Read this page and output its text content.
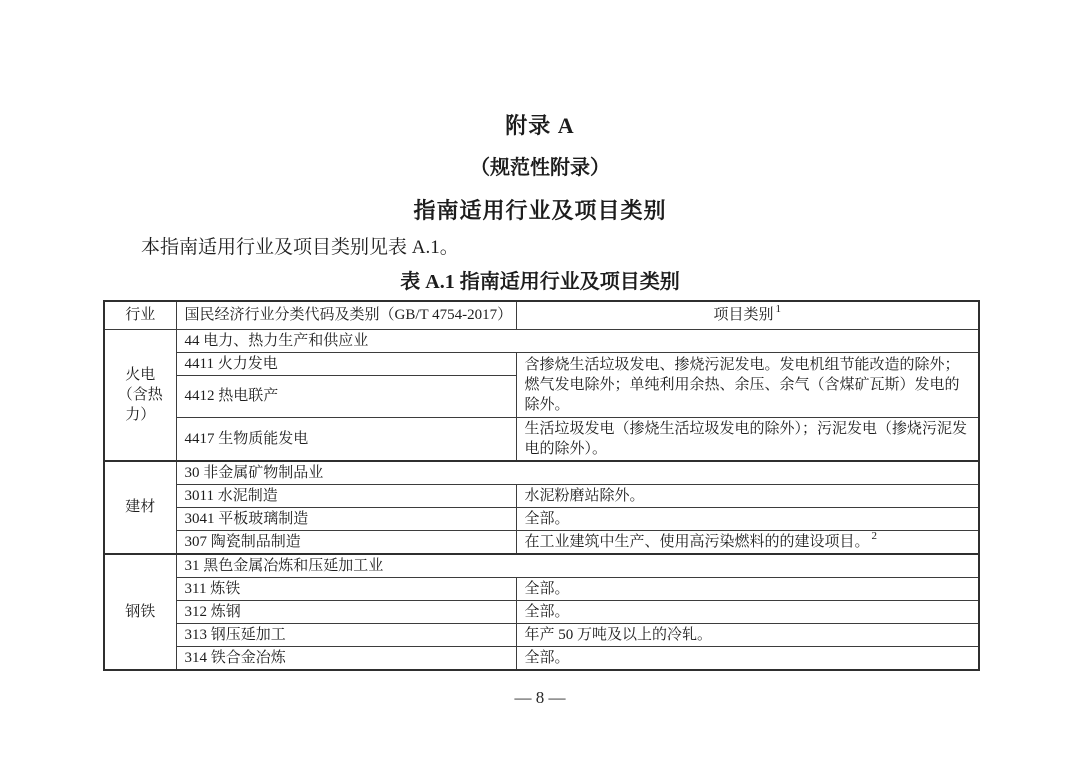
附录 A
（规范性附录）
指南适用行业及项目类别

本指南适用行业及项目类别见表 A.1。

表 A.1 指南适用行业及项目类别
行业	国民经济行业分类代码及类别（GB/T 4754-2017）	项目类别 $^1$
火电（含热力）	44 电力、热力生产和供应业	
	4411 火力发电	含掺烧生活垃圾发电、掺烧污泥发电。发电机组节能改造的除外；燃气发电除外；单纯利用余热、余压、余气（含煤矿瓦斯）发电的除外。
	4412 热电联产	
	4417 生物质能发电	生活垃圾发电（掺烧生活垃圾发电的除外）；污泥发电（掺烧污泥发电的除外）。
建材	30 非金属矿物制品业	
	3011 水泥制造	水泥粉磨站除外。
	3041 平板玻璃制造	全部。
	307 陶瓷制品制造	在工业建筑中生产、使用高污染燃料的的建设项目。 $^2$
钢铁	31 黑色金属冶炼和压延加工业	
	311 炼铁	全部。
	312 炼钢	全部。
	313 钢压延加工	年产 50 万吨及以上的冷轧。
	314 铁合金冶炼	全部。
— 8 —
